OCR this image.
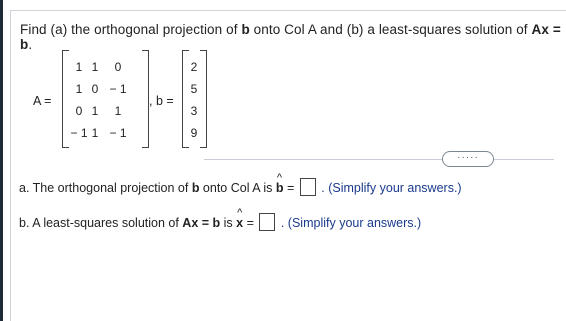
Find (a) the orthogonal projection of b onto Col A and (b) a least-squares solution of Ax = b.
A =
1 1	0
1 0 − 1
0 1	1
− 1 1 − 1
, b =
2
5
3
9
·····
a. The orthogonal projection of b onto Col A is ^ b = . (Simplify your answers.)
b. A least-squares solution of Ax = b is ^ x = . (Simplify your answers.)
